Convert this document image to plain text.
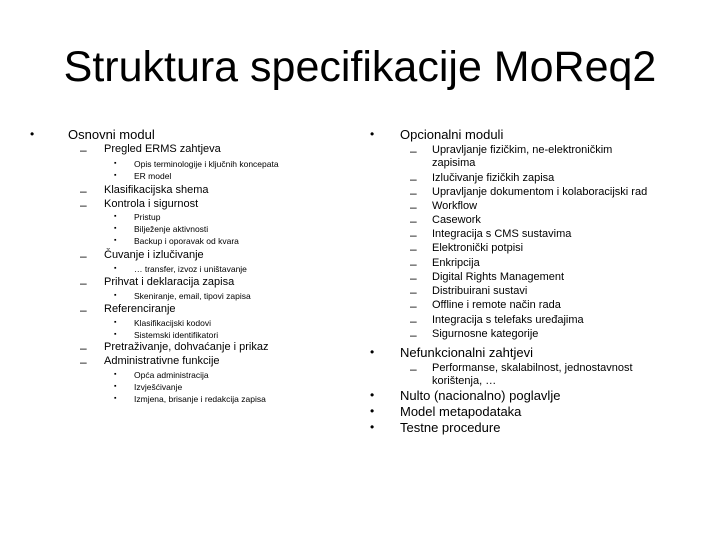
Struktura specifikacije MoReq2
•	Osnovni modul
– Pregled ERMS zahtjeva
▪ Opis terminologije i ključnih koncepata
▪ ER model
– Klasifikacijska shema
– Kontrola i sigurnost
▪ Pristup
▪ Bilježenje aktivnosti
▪ Backup i oporavak od kvara
– Čuvanje i izlučivanje
▪ … transfer, izvoz i uništavanje
– Prihvat i deklaracija zapisa
▪ Skeniranje, email, tipovi zapisa
– Referenciranje
▪ Klasifikacijski kodovi
▪ Sistemski identifikatori
– Pretraživanje, dohvaćanje i prikaz
– Administrativne funkcije
▪ Opća administracija
▪ Izvješćivanje
▪ Izmjena, brisanje i redakcija zapisa
• Opcionalni moduli
– Upravljanje fizičkim, ne-elektroničkim zapisima
– Izlučivanje fizičkih zapisa
– Upravljanje dokumentom i kolaboracijski rad
– Workflow
– Casework
– Integracija s CMS sustavima
– Elektronički potpisi
– Enkripcija
– Digital Rights Management
– Distribuirani sustavi
– Offline i remote način rada
– Integracija s telefaks uređajima
– Sigurnosne kategorije
• Nefunkcionalni zahtjevi
– Performanse, skalabilnost, jednostavnost korištenja, …
• Nulto (nacionalno) poglavlje
• Model metapodataka
• Testne procedure
